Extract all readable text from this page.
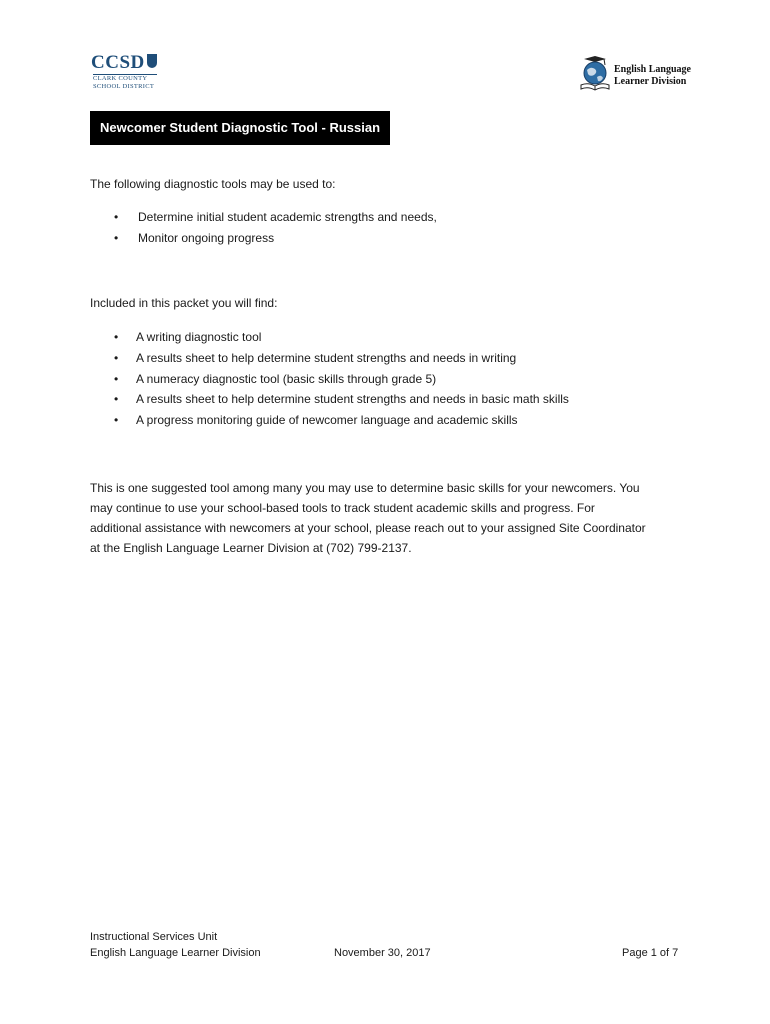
CCSD
CLARK COUNTY
SCHOOL DISTRICT
English Language
Learner Division
Newcomer Student Diagnostic Tool - Russian
The following diagnostic tools may be used to:
• Determine initial student academic strengths and needs,
• Monitor ongoing progress
Included in this packet you will find:
• A writing diagnostic tool
• A results sheet to help determine student strengths and needs in writing
• A numeracy diagnostic tool (basic skills through grade 5)
• A results sheet to help determine student strengths and needs in basic math skills
• A progress monitoring guide of newcomer language and academic skills
This is one suggested tool among many you may use to determine basic skills for your newcomers. You
may continue to use your school-based tools to track student academic skills and progress. For
additional assistance with newcomers at your school, please reach out to your assigned Site Coordinator
at the English Language Learner Division at (702) 799-2137.
Instructional Services Unit
English Language Learner Division	November 30, 2017	Page 1 of 7
